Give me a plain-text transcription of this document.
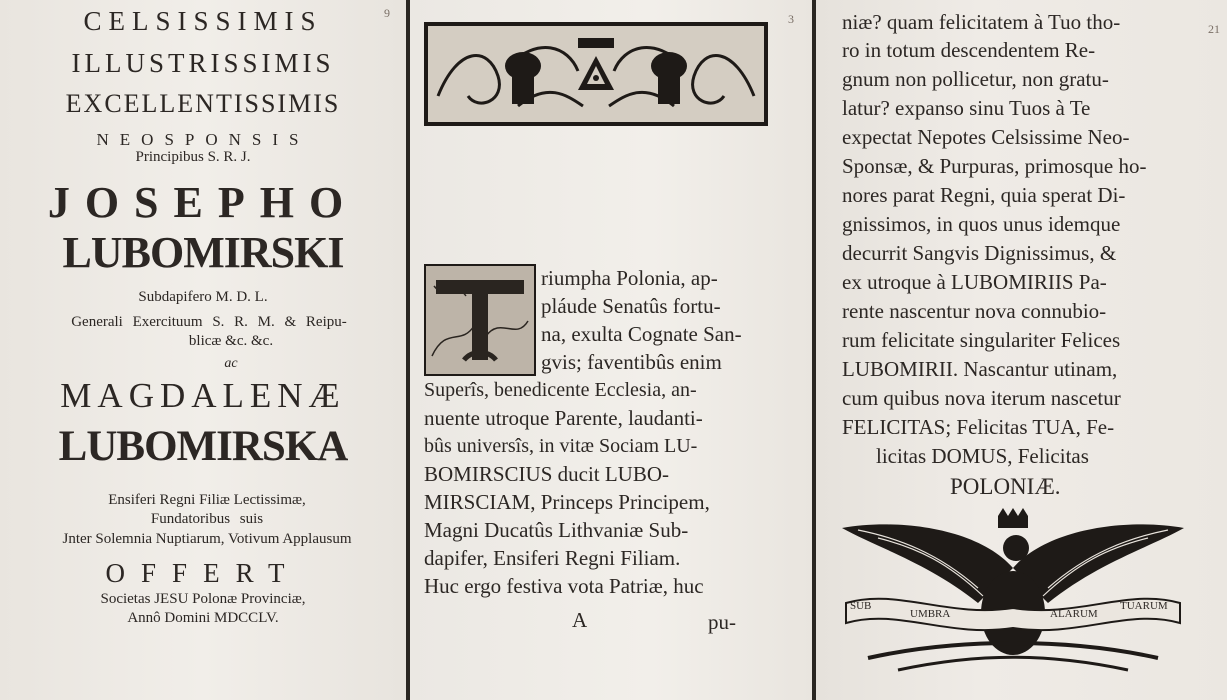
9
CELSISSIMIS
ILLUSTRISSIMIS
EXCELLENTISSIMIS
NEOSPONSIS
Principibus S. R. J.
JOSEPHO
LUBOMIRSKI
Subdapifero M. D. L.
Generali Exercituum S. R. M. & Reipu-
blicæ &c. &c.
ac
MAGDALENÆ
LUBOMIRSKA
Ensiferi Regni Filiæ Lectissimæ,
Fundatoribus suis
Jnter Solemnia Nuptiarum, Votivum Applausum
OFFERT
Societas JESU Polonæ Provinciæ,
Annô Domini MDCCLV.
3
riumpha Polonia, ap-
pláude Senatûs fortu-
na, exulta Cognate San-
gvis; faventibûs enim
Superîs, benedicente Ecclesia, an-
nuente utroque Parente, laudanti-
bûs universîs, in vitæ Sociam LU-
BOMIRSCIUS ducit LUBO-
MIRSCIAM, Princeps Principem,
Magni Ducatûs Lithvaniæ Sub-
dapifer, Ensiferi Regni Filiam.
Huc ergo festiva vota Patriæ, huc
A	pu-
21
niæ? quam felicitatem à Tuo tho-
ro in totum descendentem Re-
gnum non pollicetur, non gratu-
latur? expanso sinu Tuos à Te
expectat Nepotes Celsissime Neo-
Sponsæ, & Purpuras, primosque ho-
nores parat Regni, quia sperat Di-
gnissimos, in quos unus idemque
decurrit Sangvis Dignissimus, &
ex utroque à LUBOMIRIIS Pa-
rente nascentur nova connubio-
rum felicitate singulariter Felices
LUBOMIRII. Nascantur utinam,
cum quibus nova iterum nascetur
FELICITAS; Felicitas TUA, Fe-
licitas DOMUS, Felicitas
POLONIÆ.
SUB
UMBRA	ALARUM
TUARUM
